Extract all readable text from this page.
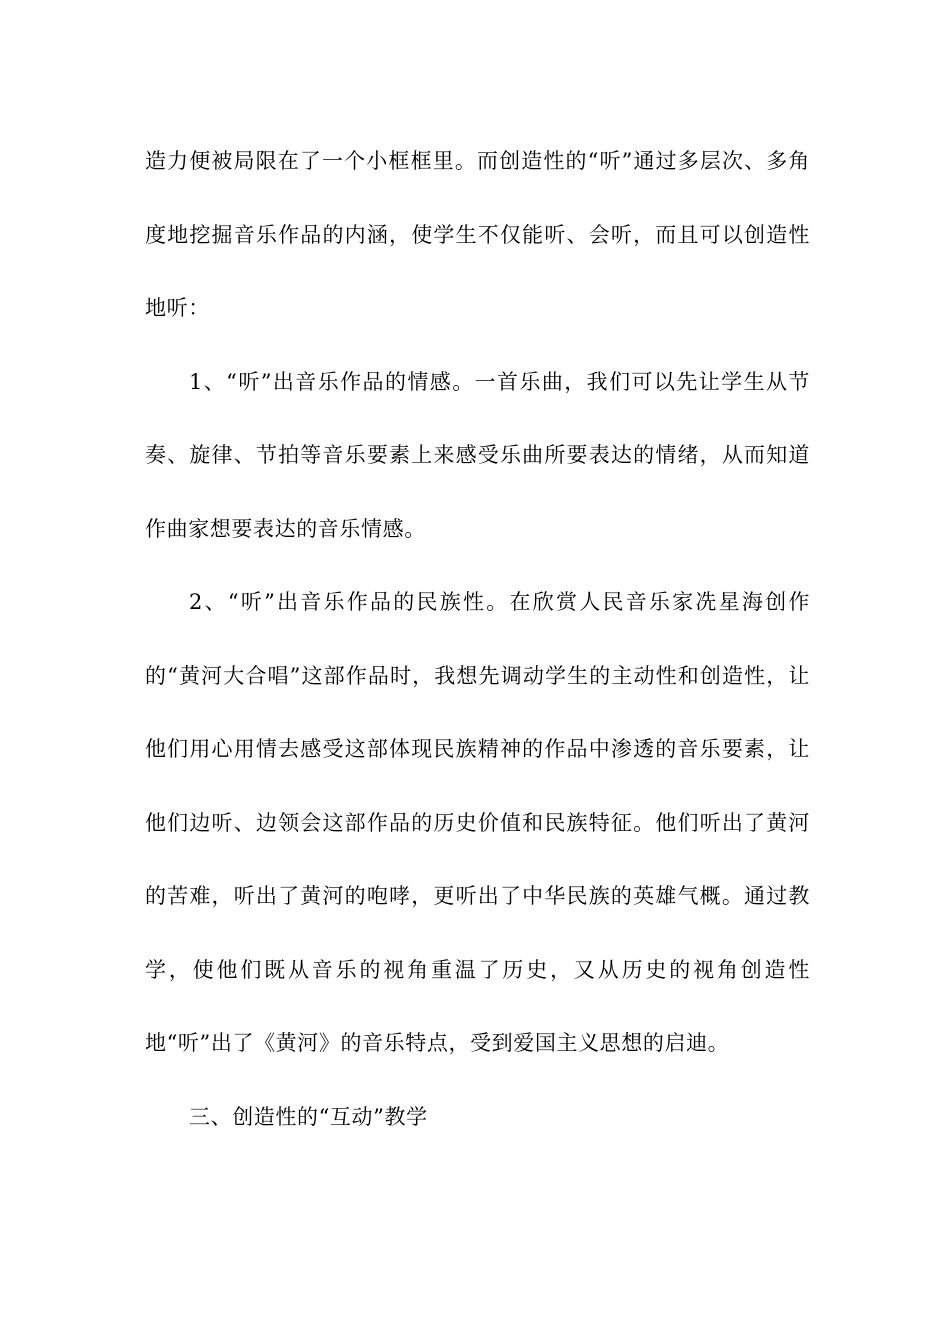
造力便被局限在了一个小框框里。而创造性的“听”通过多层次、多角度地挖掘音乐作品的内涵，使学生不仅能听、会听，而且可以创造性地听：

1、“听”出音乐作品的情感。一首乐曲，我们可以先让学生从节奏、旋律、节拍等音乐要素上来感受乐曲所要表达的情绪，从而知道作曲家想要表达的音乐情感。

2、“听”出音乐作品的民族性。在欣赏人民音乐家冼星海创作的“黄河大合唱”这部作品时，我想先调动学生的主动性和创造性，让他们用心用情去感受这部体现民族精神的作品中渗透的音乐要素，让他们边听、边领会这部作品的历史价值和民族特征。他们听出了黄河的苦难，听出了黄河的咆哮，更听出了中华民族的英雄气概。通过教学，使他们既从音乐的视角重温了历史，又从历史的视角创造性地“听”出了《黄河》的音乐特点，受到爱国主义思想的启迪。

三、创造性的“互动”教学
